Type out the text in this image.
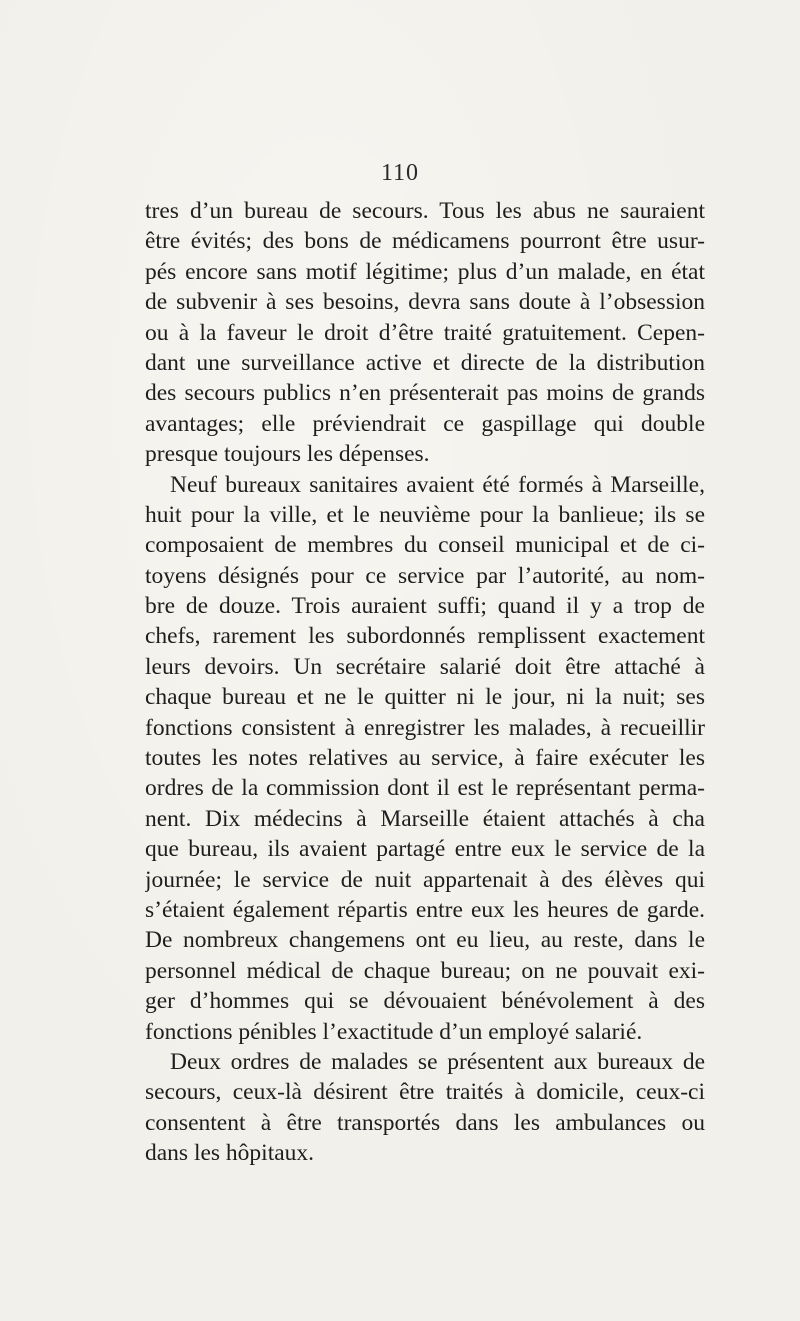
110
tres d’un bureau de secours. Tous les abus ne sauraient
être évités; des bons de médicamens pourront être usur-
pés encore sans motif légitime; plus d’un malade, en état
de subvenir à ses besoins, devra sans doute à l’obsession
ou à la faveur le droit d’être traité gratuitement. Cepen-
dant une surveillance active et directe de la distribution
des secours publics n’en présenterait pas moins de grands
avantages; elle préviendrait ce gaspillage qui double
presque toujours les dépenses.
Neuf bureaux sanitaires avaient été formés à Marseille,
huit pour la ville, et le neuvième pour la banlieue; ils se
composaient de membres du conseil municipal et de ci-
toyens désignés pour ce service par l’autorité, au nom-
bre de douze. Trois auraient suffi; quand il y a trop de
chefs, rarement les subordonnés remplissent exactement
leurs devoirs. Un secrétaire salarié doit être attaché à
chaque bureau et ne le quitter ni le jour, ni la nuit; ses
fonctions consistent à enregistrer les malades, à recueillir
toutes les notes relatives au service, à faire exécuter les
ordres de la commission dont il est le représentant perma-
nent. Dix médecins à Marseille étaient attachés à cha
que bureau, ils avaient partagé entre eux le service de la
journée; le service de nuit appartenait à des élèves qui
s’étaient également répartis entre eux les heures de garde.
De nombreux changemens ont eu lieu, au reste, dans le
personnel médical de chaque bureau; on ne pouvait exi-
ger d’hommes qui se dévouaient bénévolement à des
fonctions pénibles l’exactitude d’un employé salarié.
Deux ordres de malades se présentent aux bureaux de
secours, ceux-là désirent être traités à domicile, ceux-ci
consentent à être transportés dans les ambulances ou
dans les hôpitaux.
